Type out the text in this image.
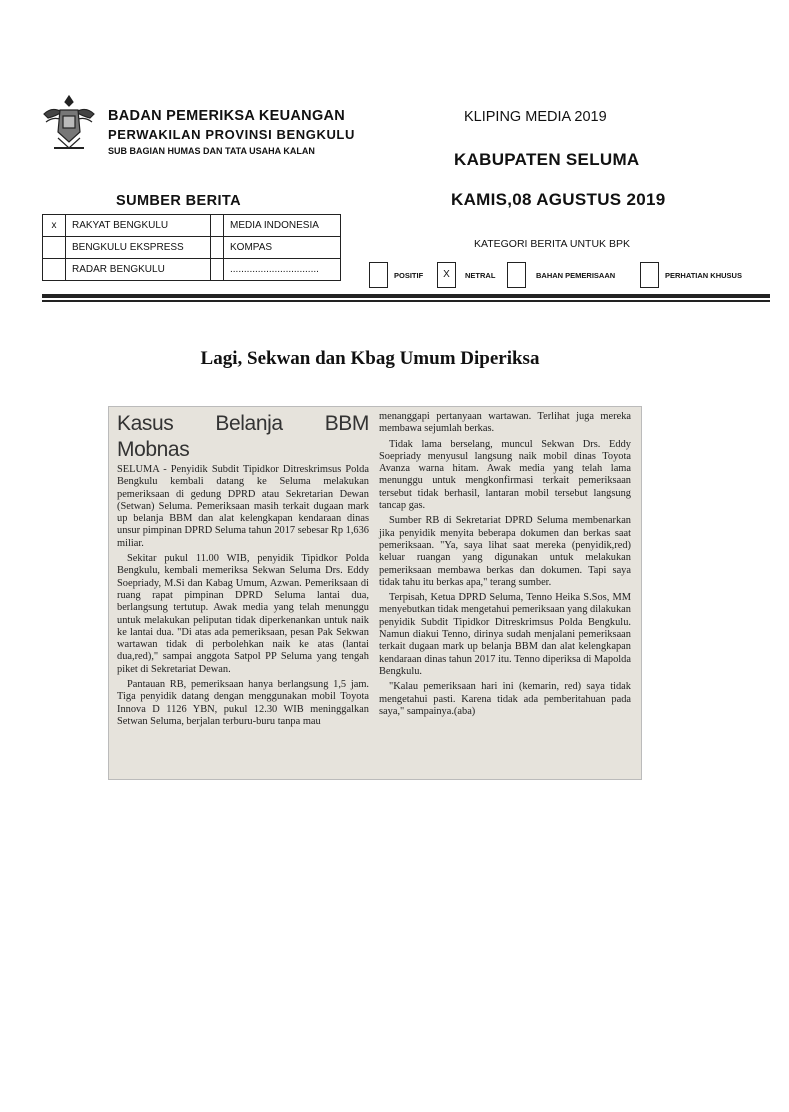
BADAN PEMERIKSA KEUANGAN
PERWAKILAN PROVINSI BENGKULU
SUB BAGIAN HUMAS DAN TATA USAHA KALAN
KLIPING MEDIA 2019
KABUPATEN SELUMA
KAMIS,08 AGUSTUS 2019
SUMBER BERITA
x	RAKYAT BENGKULU		MEDIA INDONESIA
	BENGKULU EKSPRESS		KOMPAS
	RADAR BENGKULU		................................
KATEGORI BERITA UNTUK BPK
POSITIF	X	NETRAL	BAHAN PEMERISAAN	PERHATIAN KHUSUS
Lagi, Sekwan dan Kbag Umum Diperiksa
Kasus Belanja BBM Mobnas

SELUMA - Penyidik Subdit Tipidkor Ditreskrimsus Polda Bengkulu kembali datang ke Seluma melakukan pemeriksaan di gedung DPRD atau Sekretarian Dewan (Setwan) Seluma. Pemeriksaan masih terkait dugaan mark up belanja BBM dan alat kelengkapan kendaraan dinas unsur pimpinan DPRD Seluma tahun 2017 sebesar Rp 1,636 miliar.

Sekitar pukul 11.00 WIB, penyidik Tipidkor Polda Bengkulu, kembali memeriksa Sekwan Seluma Drs. Eddy Soepriady, M.Si dan Kabag Umum, Azwan. Pemeriksaan di ruang rapat pimpinan DPRD Seluma lantai dua, berlangsung tertutup. Awak media yang telah menunggu untuk melakukan peliputan tidak diperkenankan untuk naik ke lantai dua. "Di atas ada pemeriksaan, pesan Pak Sekwan wartawan tidak di perbolehkan naik ke atas (lantai dua,red)," sampai anggota Satpol PP Seluma yang tengah piket di Sekretariat Dewan.

Pantauan RB, pemeriksaan hanya berlangsung 1,5 jam. Tiga penyidik datang dengan menggunakan mobil Toyota Innova D 1126 YBN, pukul 12.30 WIB meninggalkan Setwan Seluma, berjalan terburu-buru tanpa mau

menanggapi pertanyaan wartawan. Terlihat juga mereka membawa sejumlah berkas.

Tidak lama berselang, muncul Sekwan Drs. Eddy Soepriady menyusul langsung naik mobil dinas Toyota Avanza warna hitam. Awak media yang telah lama menunggu untuk mengkonfirmasi terkait pemeriksaan tersebut tidak berhasil, lantaran mobil tersebut langsung tancap gas.

Sumber RB di Sekretariat DPRD Seluma membenarkan jika penyidik menyita beberapa dokumen dan berkas saat pemeriksaan. "Ya, saya lihat saat mereka (penyidik,red) keluar ruangan yang digunakan untuk melakukan pemeriksaan membawa berkas dan dokumen. Tapi saya tidak tahu itu berkas apa," terang sumber.

Terpisah, Ketua DPRD Seluma, Tenno Heika S.Sos, MM menyebutkan tidak mengetahui pemeriksaan yang dilakukan penyidik Subdit Tipidkor Ditreskrimsus Polda Bengkulu. Namun diakui Tenno, dirinya sudah menjalani pemeriksaan terkait dugaan mark up belanja BBM dan alat kelengkapan kendaraan dinas tahun 2017 itu. Tenno diperiksa di Mapolda Bengkulu.

"Kalau pemeriksaan hari ini (kemarin, red) saya tidak mengetahui pasti. Karena tidak ada pemberitahuan pada saya," sampainya.(aba)
